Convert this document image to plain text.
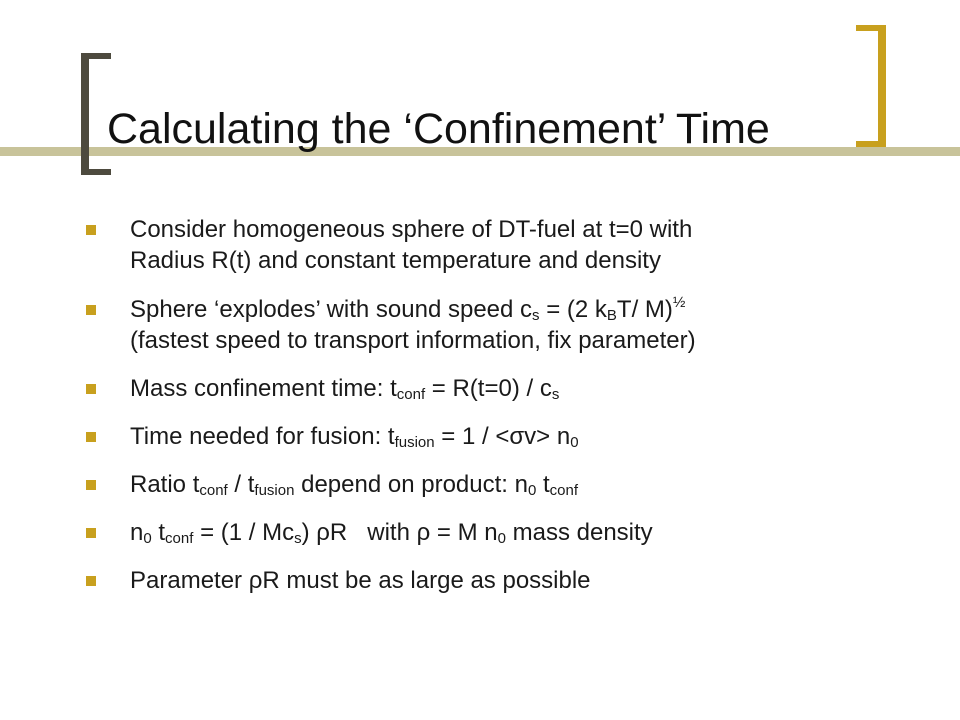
Calculating the ‘Confinement’ Time
Consider homogeneous sphere of DT-fuel at t=0 with
Radius R(t) and constant temperature and density
Sphere ‘explodes’ with sound speed $c_s = (2$ $k_BT/$ M)$^{\frac{1}{2}}$
(fastest speed to transport information, fix parameter)
Mass confinement time: $t_{conf} = R(t=0) / c_s$
Time needed for fusion: $t_{fusion} = 1 / <\sigma v> n_0$
Ratio $t_{conf} / t_{fusion}$ depend on product: $n_0$ $t_{conf}$
$n_0$ $t_{conf} = (1 / Mc_s)$ ρR   with ρ = M $n_0$ mass density
Parameter ρR must be as large as possible
